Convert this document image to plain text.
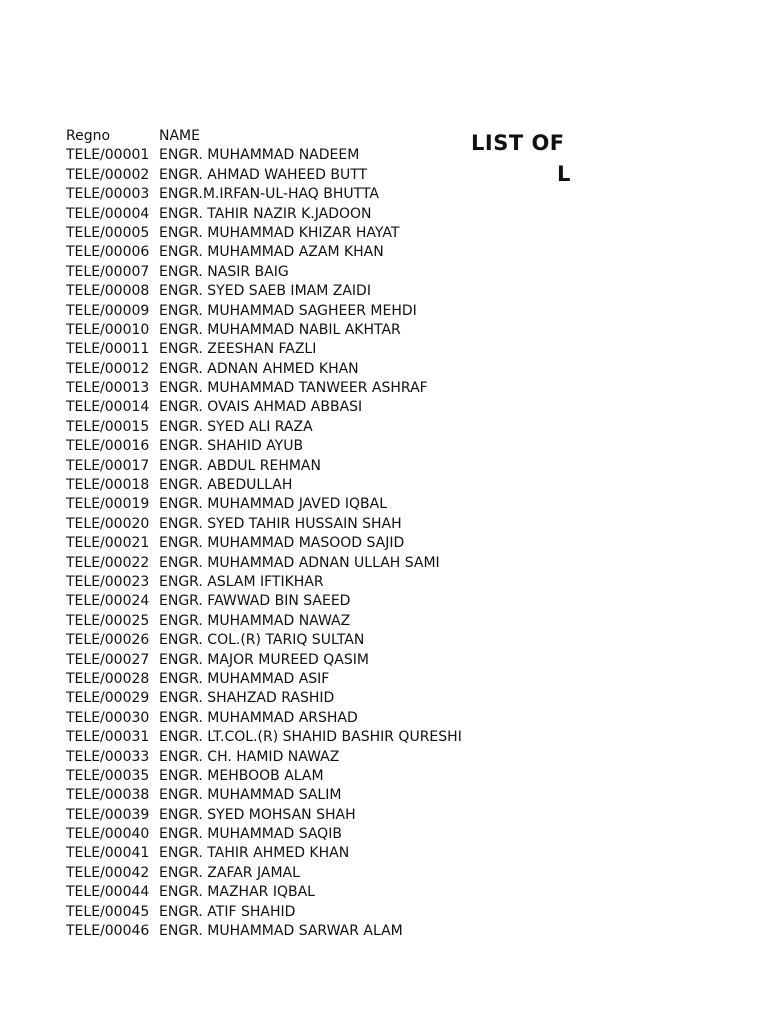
LIST OF
L
Regno	NAME
TELE/00001 ENGR. MUHAMMAD NADEEM
TELE/00002 ENGR. AHMAD WAHEED BUTT
TELE/00003 ENGR.M.IRFAN-UL-HAQ BHUTTA
TELE/00004 ENGR. TAHIR NAZIR K.JADOON
TELE/00005 ENGR. MUHAMMAD KHIZAR HAYAT
TELE/00006 ENGR. MUHAMMAD AZAM KHAN
TELE/00007 ENGR. NASIR BAIG
TELE/00008 ENGR. SYED SAEB IMAM ZAIDI
TELE/00009 ENGR. MUHAMMAD SAGHEER MEHDI
TELE/00010 ENGR. MUHAMMAD NABIL AKHTAR
TELE/00011 ENGR. ZEESHAN FAZLI
TELE/00012 ENGR. ADNAN AHMED KHAN
TELE/00013 ENGR. MUHAMMAD TANWEER ASHRAF
TELE/00014 ENGR. OVAIS AHMAD ABBASI
TELE/00015 ENGR. SYED ALI RAZA
TELE/00016 ENGR. SHAHID AYUB
TELE/00017 ENGR. ABDUL REHMAN
TELE/00018 ENGR. ABEDULLAH
TELE/00019 ENGR. MUHAMMAD JAVED IQBAL
TELE/00020 ENGR. SYED TAHIR HUSSAIN SHAH
TELE/00021 ENGR. MUHAMMAD MASOOD SAJID
TELE/00022 ENGR. MUHAMMAD ADNAN ULLAH SAMI
TELE/00023 ENGR. ASLAM IFTIKHAR
TELE/00024 ENGR. FAWWAD BIN SAEED
TELE/00025 ENGR. MUHAMMAD NAWAZ
TELE/00026 ENGR. COL.(R) TARIQ SULTAN
TELE/00027 ENGR. MAJOR MUREED QASIM
TELE/00028 ENGR. MUHAMMAD ASIF
TELE/00029 ENGR. SHAHZAD RASHID
TELE/00030 ENGR. MUHAMMAD ARSHAD
TELE/00031 ENGR. LT.COL.(R) SHAHID BASHIR QURESHI
TELE/00033 ENGR. CH. HAMID NAWAZ
TELE/00035 ENGR. MEHBOOB ALAM
TELE/00038 ENGR. MUHAMMAD SALIM
TELE/00039 ENGR. SYED MOHSAN SHAH
TELE/00040 ENGR. MUHAMMAD SAQIB
TELE/00041 ENGR. TAHIR AHMED KHAN
TELE/00042 ENGR. ZAFAR JAMAL
TELE/00044 ENGR. MAZHAR IQBAL
TELE/00045 ENGR. ATIF SHAHID
TELE/00046 ENGR. MUHAMMAD SARWAR ALAM
